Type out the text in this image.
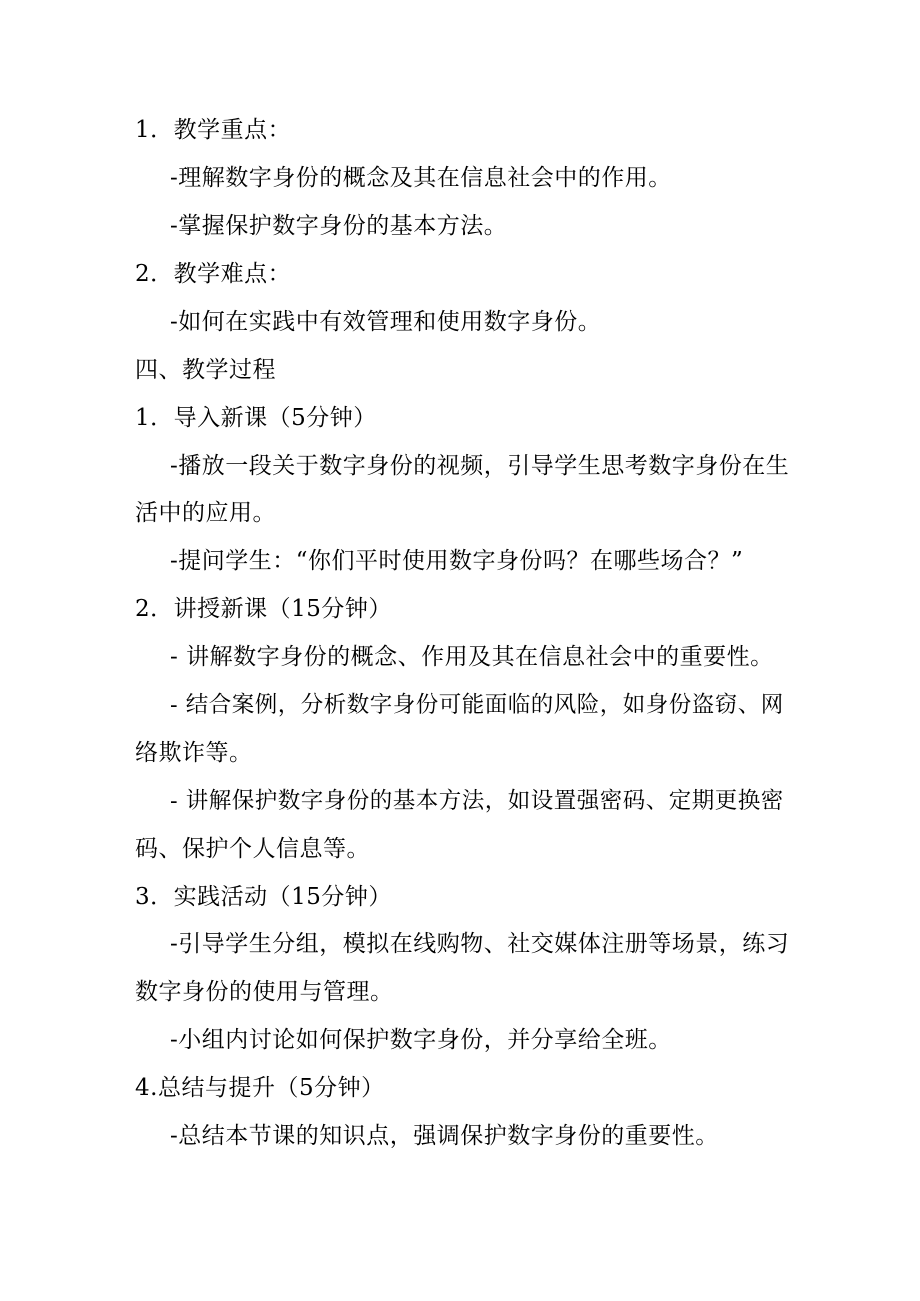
1．教学重点：

-理解数字身份的概念及其在信息社会中的作用。

-掌握保护数字身份的基本方法。

2．教学难点：

-如何在实践中有效管理和使用数字身份。

四、教学过程

1．导入新课（5分钟）

-播放一段关于数字身份的视频，引导学生思考数字身份在生

活中的应用。

-提问学生：“你们平时使用数字身份吗？在哪些场合？”

2．讲授新课（15分钟）

- 讲解数字身份的概念、作用及其在信息社会中的重要性。

- 结合案例，分析数字身份可能面临的风险，如身份盗窃、网

络欺诈等。

- 讲解保护数字身份的基本方法，如设置强密码、定期更换密

码、保护个人信息等。

3．实践活动（15分钟）

-引导学生分组，模拟在线购物、社交媒体注册等场景，练习

数字身份的使用与管理。

-小组内讨论如何保护数字身份，并分享给全班。

4.总结与提升（5分钟）

-总结本节课的知识点，强调保护数字身份的重要性。
